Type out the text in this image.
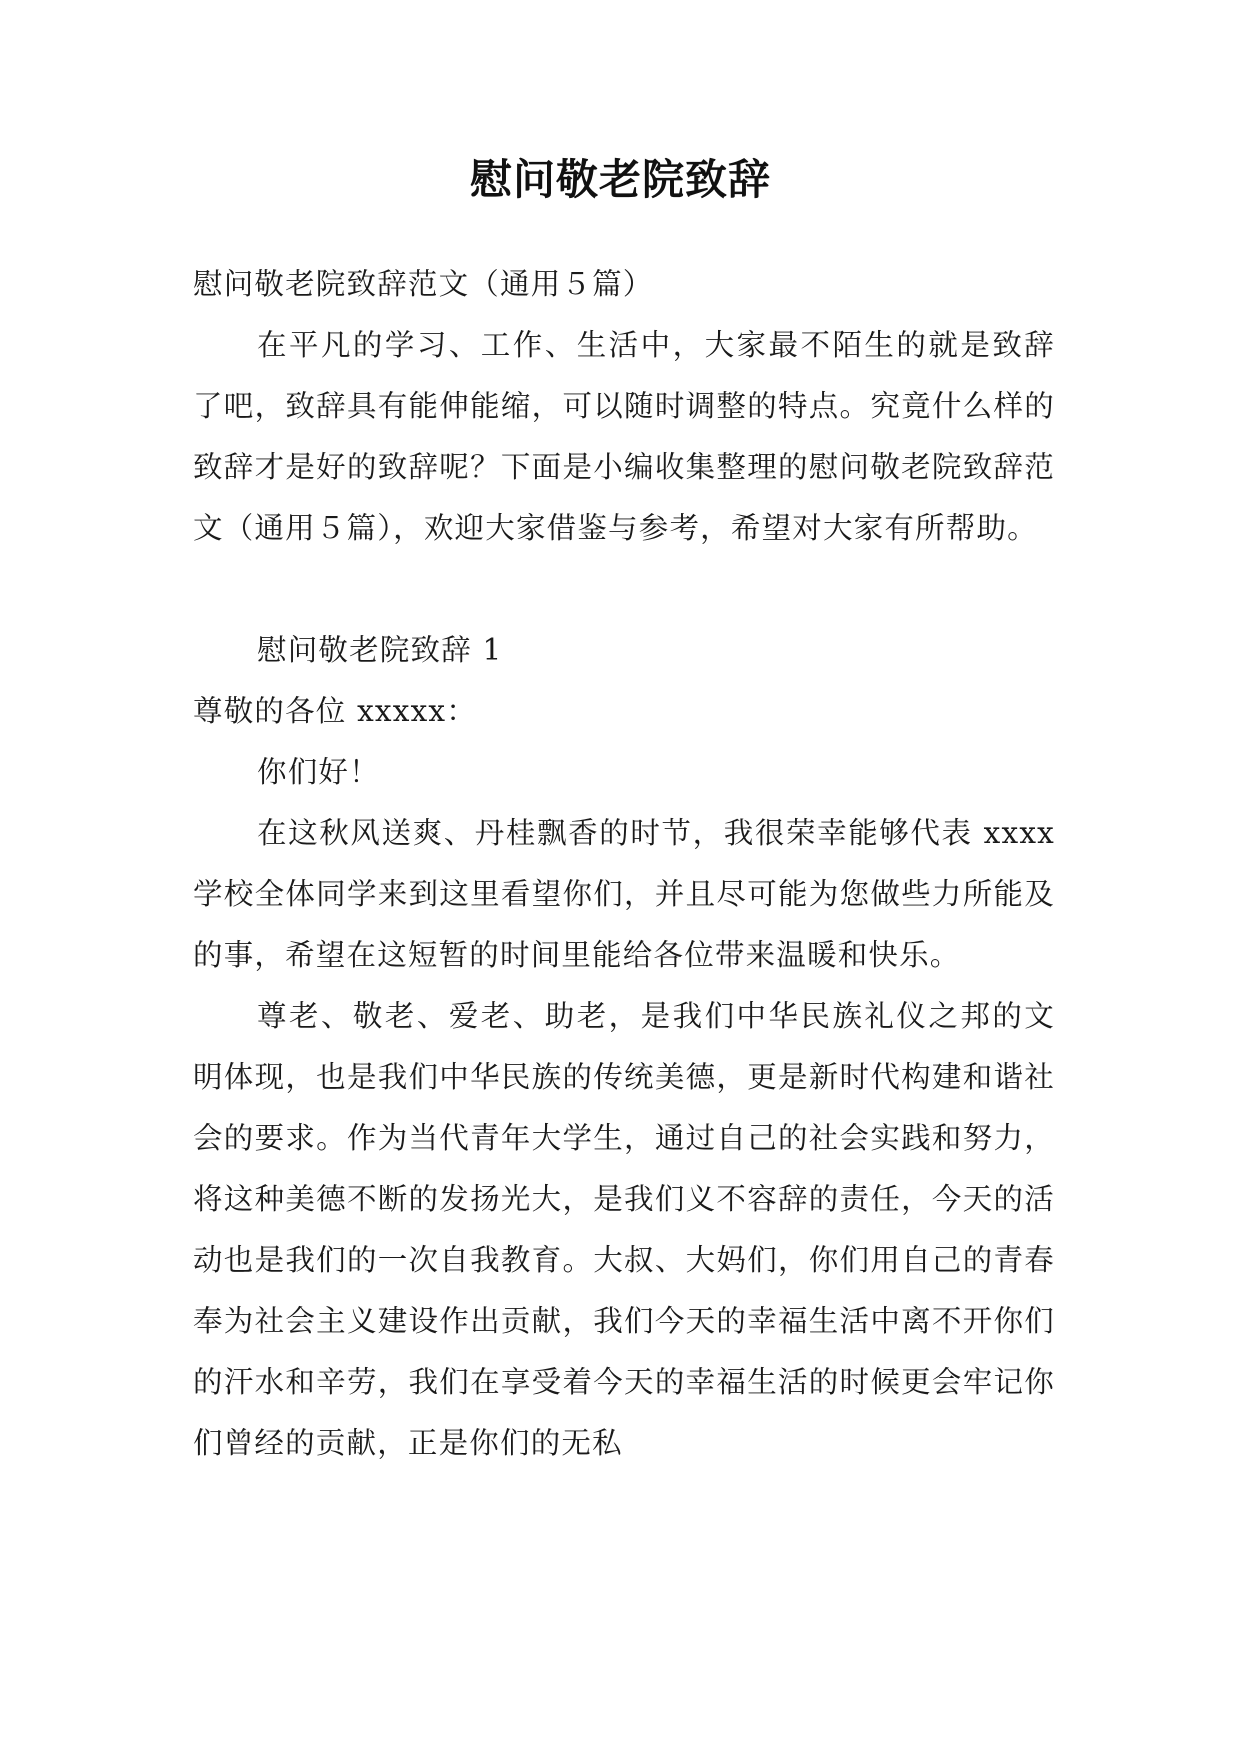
慰问敬老院致辞

慰问敬老院致辞范文（通用５篇）

在平凡的学习、工作、生活中，大家最不陌生的就是致辞了吧，致辞具有能伸能缩，可以随时调整的特点。究竟什么样的致辞才是好的致辞呢？下面是小编收集整理的慰问敬老院致辞范文（通用５篇），欢迎大家借鉴与参考，希望对大家有所帮助。

慰问敬老院致辞 1

尊敬的各位 xxxxx：

你们好！

在这秋风送爽、丹桂飘香的时节，我很荣幸能够代表 xxxx 学校全体同学来到这里看望你们，并且尽可能为您做些力所能及的事，希望在这短暂的时间里能给各位带来温暖和快乐。

尊老、敬老、爱老、助老，是我们中华民族礼仪之邦的文明体现，也是我们中华民族的传统美德，更是新时代构建和谐社会的要求。作为当代青年大学生，通过自己的社会实践和努力，将这种美德不断的发扬光大，是我们义不容辞的责任，今天的活动也是我们的一次自我教育。大叔、大妈们，你们用自己的青春奉为社会主义建设作出贡献，我们今天的幸福生活中离不开你们的汗水和辛劳，我们在享受着今天的幸福生活的时候更会牢记你们曾经的贡献，正是你们的无私
